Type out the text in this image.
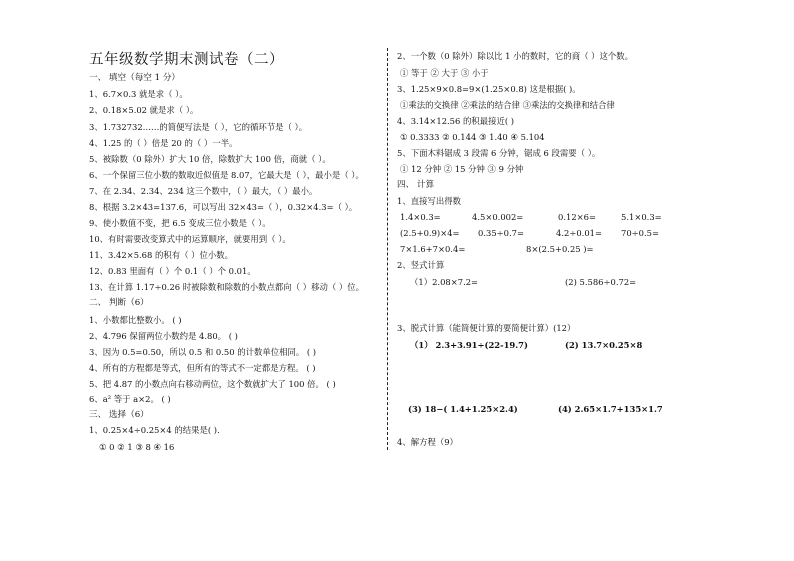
五年级数学期末测试卷（二）
一、 填空（每空 1 分）
1、6.7×0.3 就是求（ ）。
2、0.18×5.02 就是求（ ）。
3、1.732732……的简便写法是（ ），它的循环节是（ ）。
4、1.25 的（ ）倍是 20 的（ ）一半。
5、被除数（0 除外）扩大 10 倍，除数扩大 100 倍，商就（ ）。
6、一个保留三位小数的数取近似值是 8.07，它最大是（ ），最小是（ ）。
7、在 2.34、2.34、234 这三个数中，（ ）最大，（ ）最小。
8、根据 3.2×43=137.6，可以写出 32×43=（ ），0.32×4.3=（ ）。
9、使小数值不变，把 6.5 变成三位小数是（ ）。
10、有时需要改变算式中的运算顺序，就要用到（ ）。
11、3.42×5.68 的积有（ ）位小数。
12、0.83 里面有（ ）个 0.1（ ）个 0.01。
13、在计算 1.17÷0.26 时被除数和除数的小数点都向（ ）移动（ ）位。
二、 判断（6）
1、小数都比整数小。 ( )
2、4.796 保留两位小数约是 4.80。 ( )
3、因为 0.5=0.50，所以 0.5 和 0.50 的计数单位相同。 ( )
4、所有的方程都是等式，但所有的等式不一定都是方程。 ( )
5、把 4.87 的小数点向右移动两位，这个数就扩大了 100 倍。 ( )
6、a² 等于 a×2。 ( )
三、 选择（6）
1、0.25×4÷0.25×4 的结果是( ).
① 0 ② 1 ③ 8 ④ 16
2、一个数（0 除外）除以比 1 小的数时，它的商（ ）这个数。
① 等于 ② 大于 ③ 小于
3、1.25×9×0.8=9×(1.25×0.8) 这是根据( )。
①乘法的交换律 ②乘法的结合律 ③乘法的交换律和结合律
4、3.14×12.56 的积最接近( )
① 0.3333 ② 0.144 ③ 1.40 ④ 5.104
5、下面木料锯成 3 段需 6 分钟，锯成 6 段需要（ ）。
① 12 分钟 ② 15 分钟 ③ 9 分钟
四、 计算
1、直接写出得数
1.4×0.3=	4.5×0.002=	0.12×6=	5.1×0.3=
(2.5+0.9)×4= 0.35÷0.7=	4.2÷0.01= 70÷0.5=
7×1.6+7×0.4=	8×(2.5+0.25 )=
2、竖式计算
（1）2.08×7.2=	(2) 5.586÷0.72=
3、脱式计算（能简便计算的要简便计算）(12）
（1） 2.3+3.91÷(22-19.7)	(2) 13.7×0.25×8
(3) 18−( 1.4+1.25×2.4)	(4) 2.65×1.7+135×1.7
4、解方程（9）
